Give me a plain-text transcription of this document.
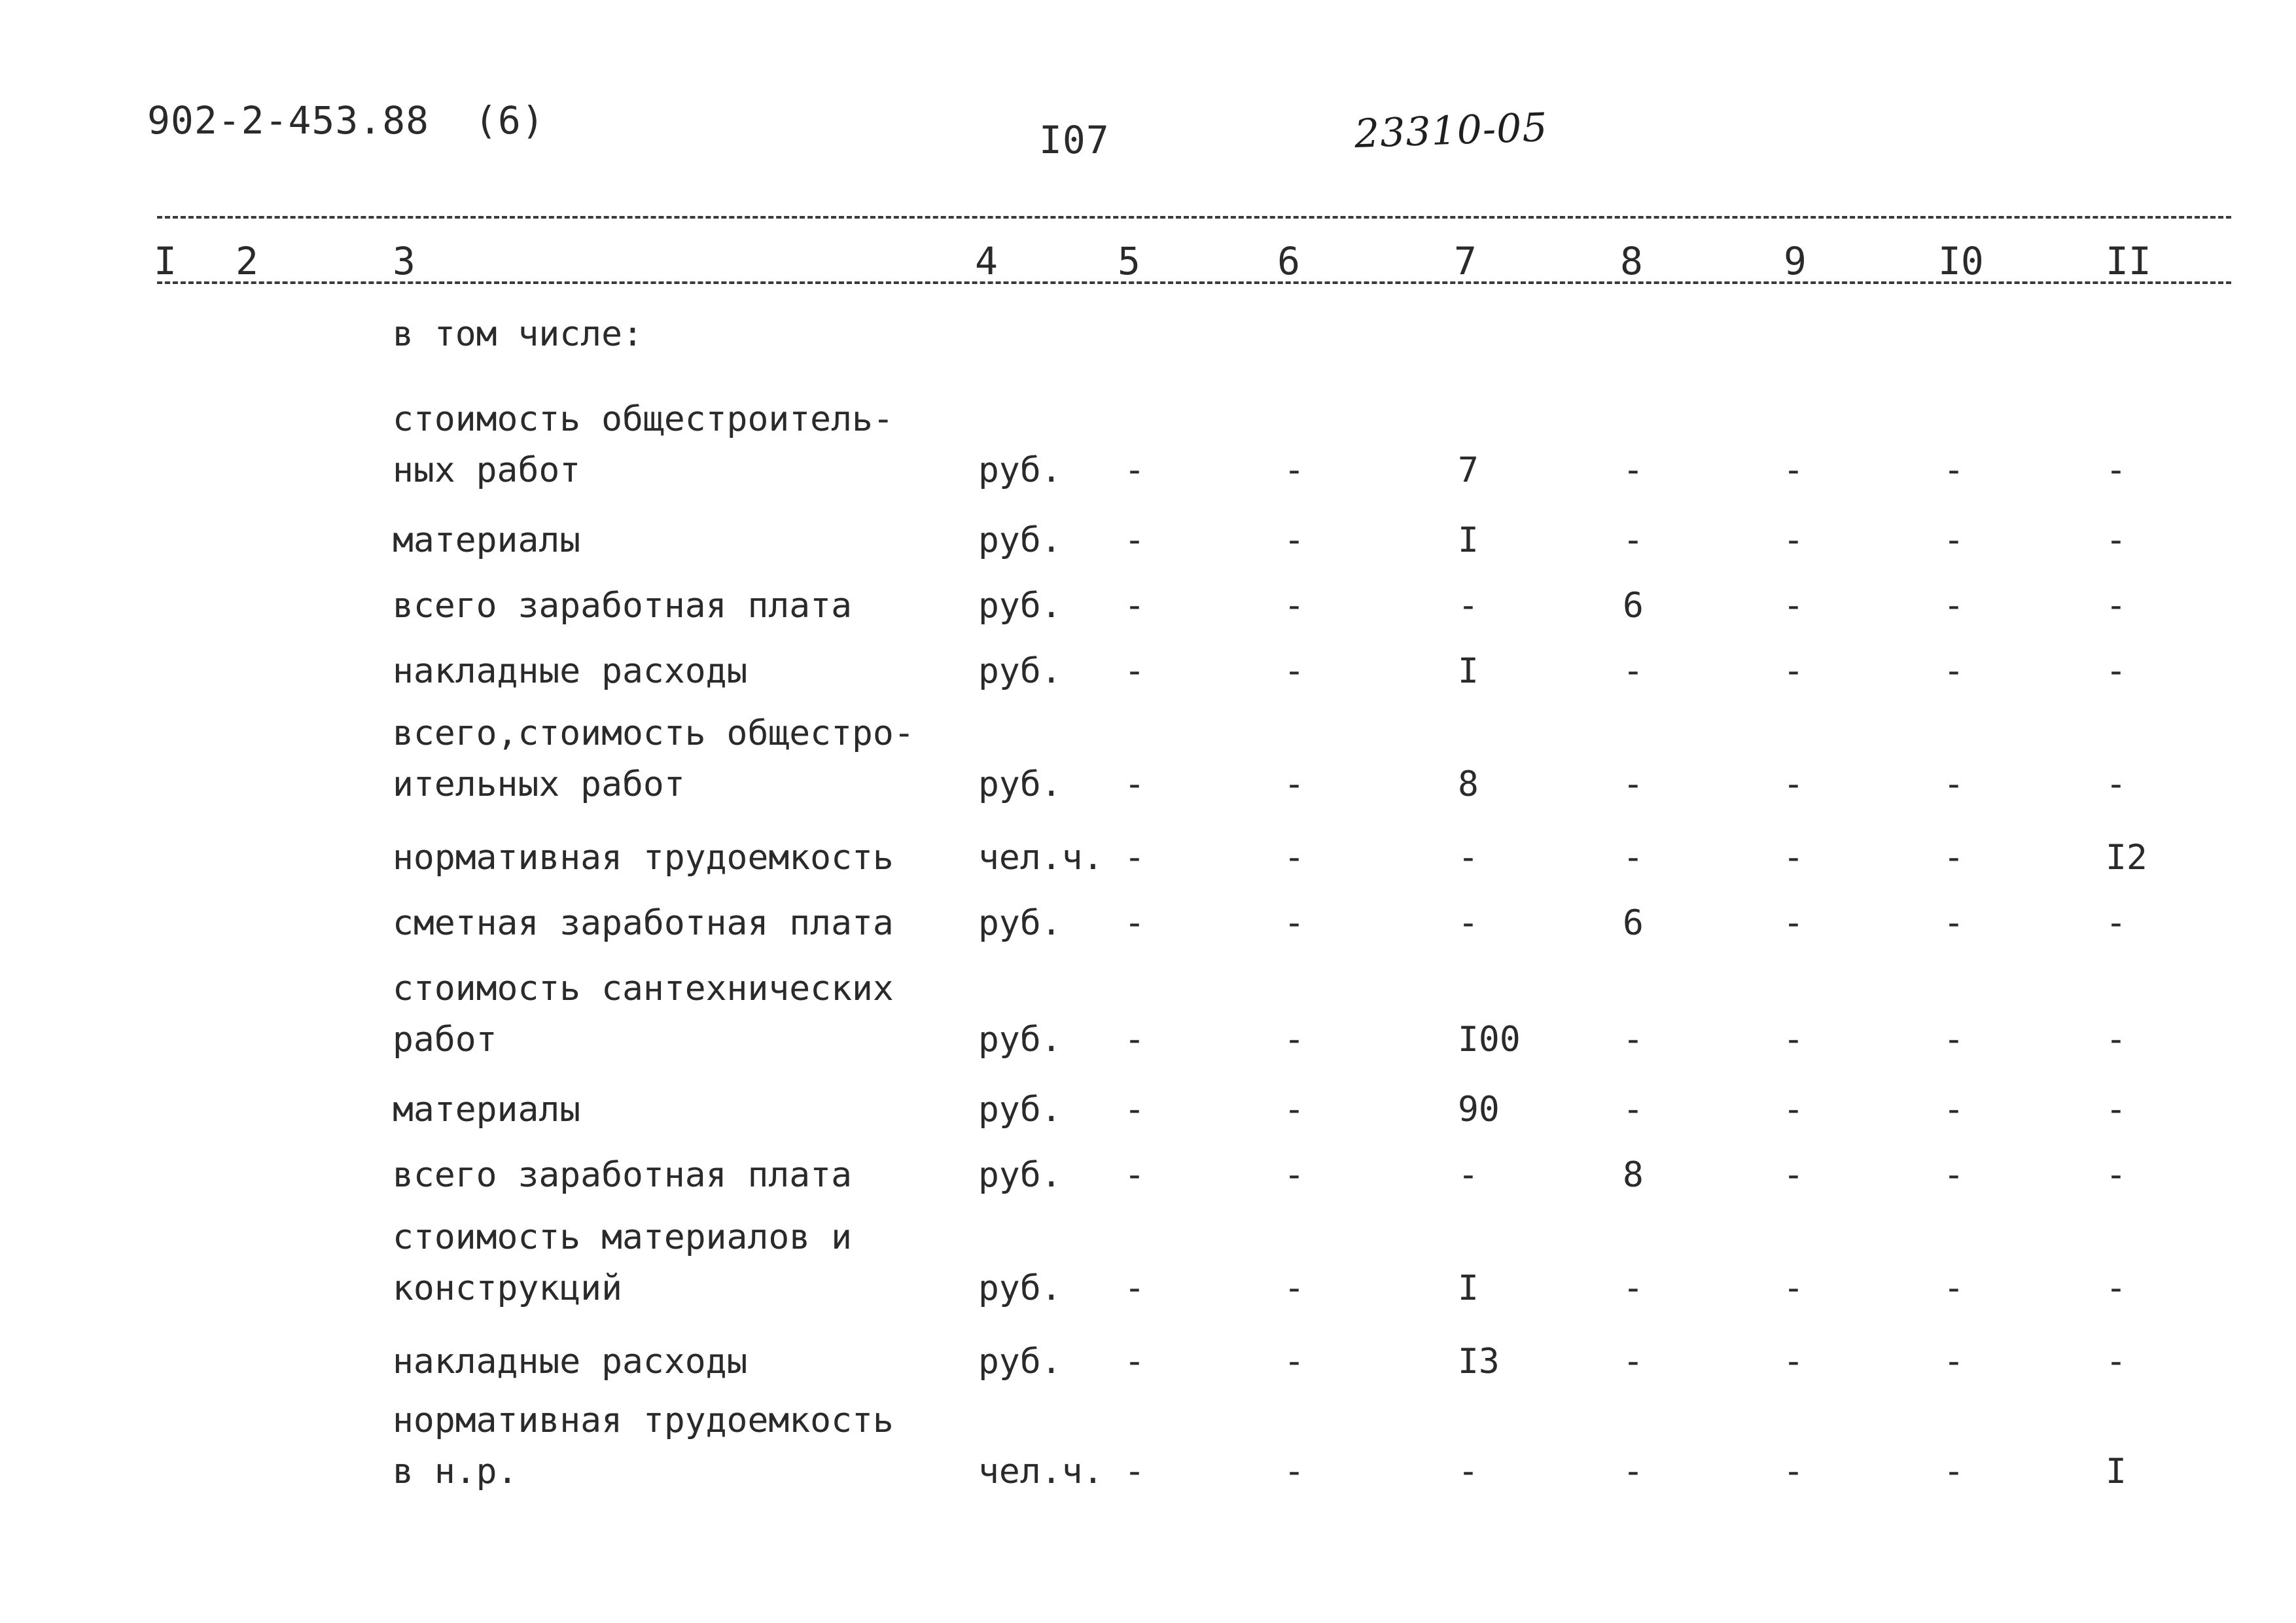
902-2-453.88 (6)	I07	23310-05
I 2	3	4	5	6	7	8	9	I0	II
в том числе:
стоимость общестроитель-
ных работ	руб. -	-	7	-	-	-	-
материалы	руб. -	-	I	-	-	-	-
всего заработная плата	руб. -	-	-	6	-	-	-
накладные расходы	руб. -	-	I	-	-	-	-
всего,стоимость общестро-
ительных работ	руб. -	-	8	-	-	-	-
нормативная трудоемкость чел.ч. -	-	-	-	-	-	I2
сметная заработная плата руб. -	-	-	6	-	-	-
стоимость сантехнических
работ	руб. -	-	I00	-	-	-	-
материалы	руб. -	-	90	-	-	-	-
всего заработная плата	руб. -	-	-	8	-	-	-
стоимость материалов и
конструкций	руб. -	-	I	-	-	-	-
накладные расходы	руб. -	-	I3	-	-	-	-
нормативная трудоемкость
в н.р.	чел.ч. -	-	-	-	-	-	I
